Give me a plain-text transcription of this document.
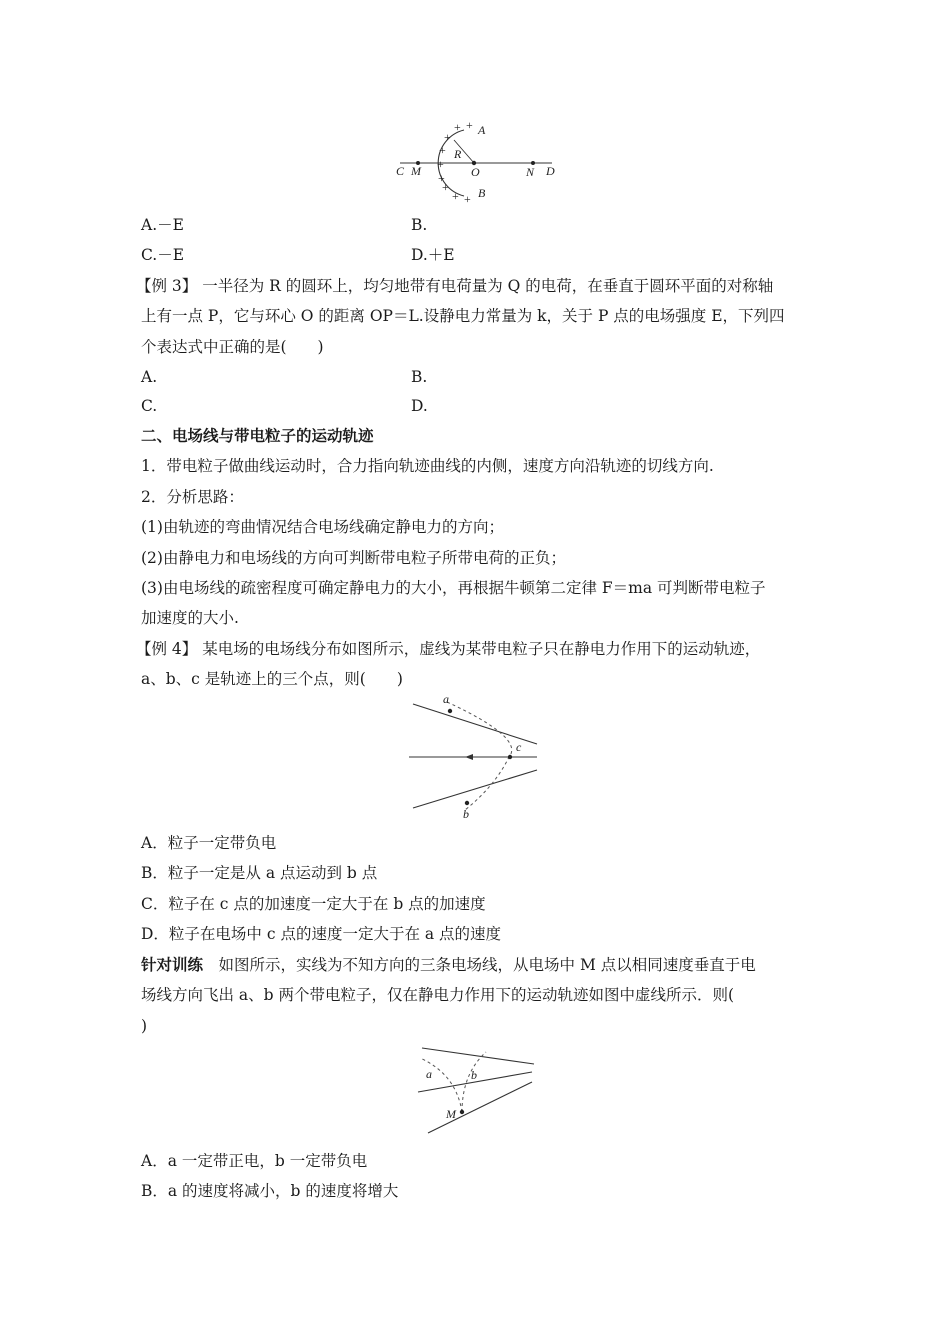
A
B
R
O
C M	N D
+ +
+
+
+
+
+
+ +
A.－E	B.
C.－E	D.＋E
【例 3】 一半径为 R 的圆环上，均匀地带有电荷量为 Q 的电荷，在垂直于圆环平面的对称轴
上有一点 P，它与环心 O 的距离 OP＝L.设静电力常量为 k，关于 P 点的电场强度 E，下列四
个表达式中正确的是(　　)
A.	B.
C.	D.
二、电场线与带电粒子的运动轨迹
1．带电粒子做曲线运动时，合力指向轨迹曲线的内侧，速度方向沿轨迹的切线方向.
2．分析思路：
(1)由轨迹的弯曲情况结合电场线确定静电力的方向；
(2)由静电力和电场线的方向可判断带电粒子所带电荷的正负；
(3)由电场线的疏密程度可确定静电力的大小，再根据牛顿第二定律 F＝ma 可判断带电粒子
加速度的大小.
【例 4】 某电场的电场线分布如图所示，虚线为某带电粒子只在静电力作用下的运动轨迹，
a、b、c 是轨迹上的三个点，则(　　)
a
c
b
A．粒子一定带负电
B．粒子一定是从 a 点运动到 b 点
C．粒子在 c 点的加速度一定大于在 b 点的加速度
D．粒子在电场中 c 点的速度一定大于在 a 点的速度
针对训练　如图所示，实线为不知方向的三条电场线，从电场中 M 点以相同速度垂直于电
场线方向飞出 a、b 两个带电粒子，仅在静电力作用下的运动轨迹如图中虚线所示．则(
)
a	b
M
A．a 一定带正电，b 一定带负电
B．a 的速度将减小，b 的速度将增大
